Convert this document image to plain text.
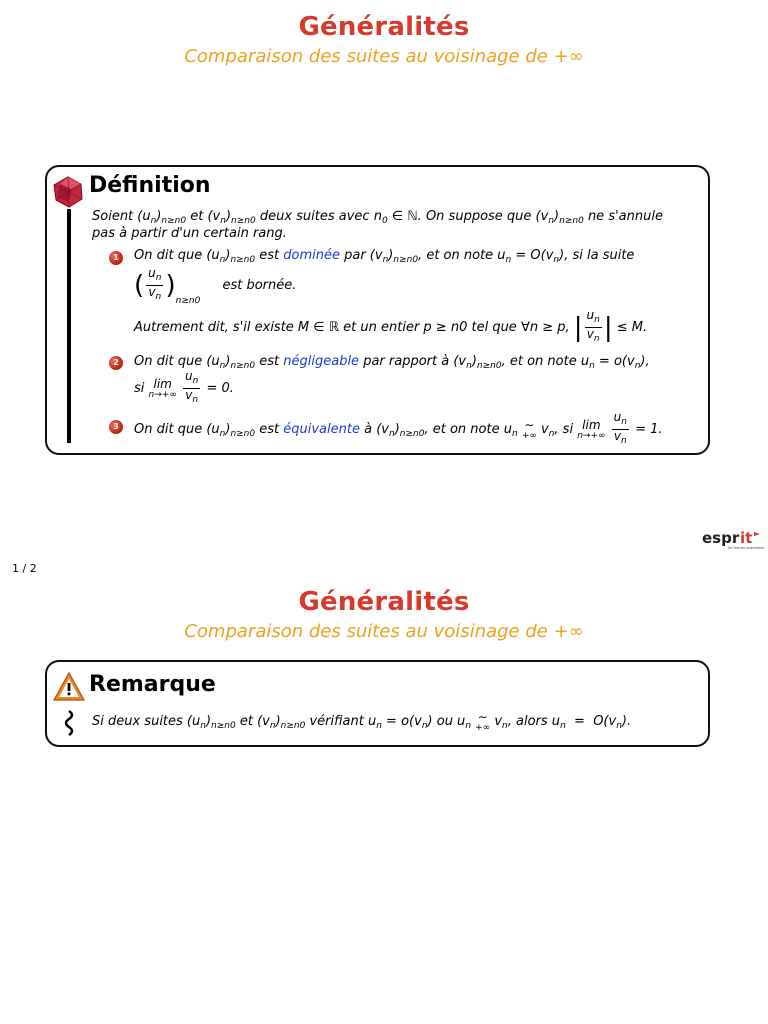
Généralités
Comparaison des suites au voisinage de +∞
Définition
Soient $(u_n)_{n\ge n0}$ et $(v_n)_{n\ge n0}$ deux suites avec $n_0$ ∈ ℕ. On suppose que $(v_n)_{n\ge n0}$ ne s'annule
pas à partir d'un certain rang.
1	On dit que $(u_n)_{n\ge n0}$ est dominée par $(v_n)_{n\ge n0}$, et on note $u_n = O(v_n)$, si la suite
( $\frac{u_n}{v_n} )_{n\ge n0}$ est bornée.
Autrement dit, s'il existe M ∈ ℝ et un entier p ≥ n0 tel que ∀n ≥ p, | $\frac{u_n}{v_n}$ | ≤ M.
2	On dit que $(u_n)_{n\ge n0}$ est négligeable par rapport à $(v_n)_{n\ge n0}$, et on note $u_n = o(v_n)$,
si lim
n→+∞
$\frac{u_n}{v_n} = 0$.
3	On dit que $(u_n)_{n\ge n0}$ est équivalente à $(v_n)_{n\ge n0}$, et on note $u_n$ ∼
+∞ $v_n$, si lim
n→+∞
$\frac{u_n}{v_n} = 1$.
espr it
Se former autrement
1 / 2
Généralités
Comparaison des suites au voisinage de +∞
Remarque
Si deux suites $(u_n)_{n\ge n0}$ et $(v_n)_{n\ge n0}$ vérifiant $u_n = o(v_n)$ ou $u_n$ ∼
+∞ $v_n$, alors $u_n = O(v_n)$.
